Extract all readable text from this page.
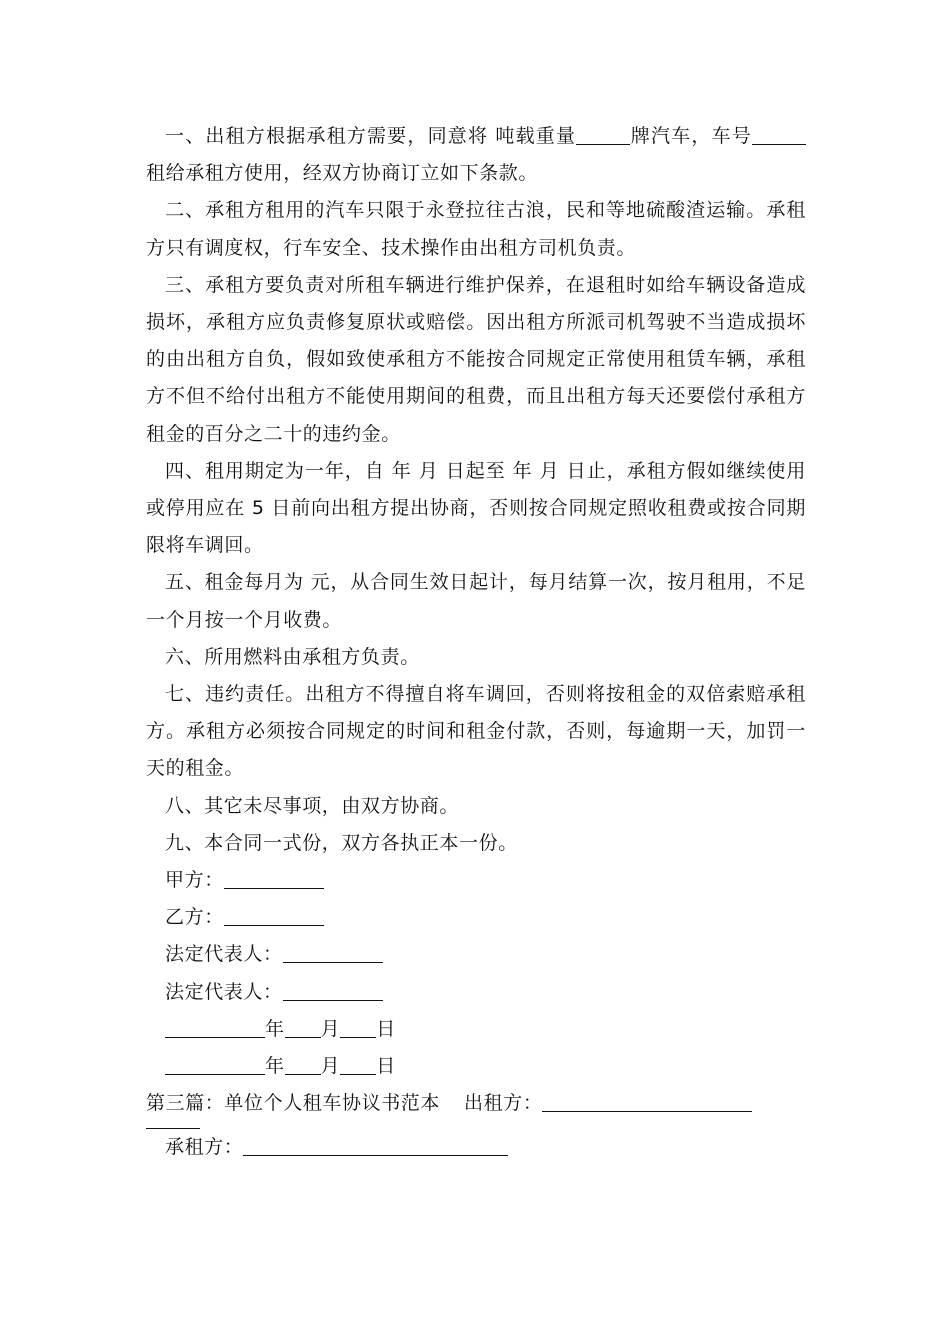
一、出租方根据承租方需要，同意将 吨载重量	牌汽车，车号租给承租方使用，经双方协商订立如下条款。

二、承租方租用的汽车只限于永登拉往古浪，民和等地硫酸渣运输。承租方只有调度权，行车安全、技术操作由出租方司机负责。

三、承租方要负责对所租车辆进行维护保养，在退租时如给车辆设备造成损坏，承租方应负责修复原状或赔偿。因出租方所派司机驾驶不当造成损坏的由出租方自负，假如致使承租方不能按合同规定正常使用租赁车辆，承租方不但不给付出租方不能使用期间的租费，而且出租方每天还要偿付承租方租金的百分之二十的违约金。

四、租用期定为一年，自 年 月 日起至 年 月 日止，承租方假如继续使用或停用应在 5 日前向出租方提出协商，否则按合同规定照收租费或按合同期限将车调回。

五、租金每月为 元，从合同生效日起计，每月结算一次，按月租用，不足一个月按一个月收费。

六、所用燃料由承租方负责。

七、违约责任。出租方不得擅自将车调回，否则将按租金的双倍索赔承租方。承租方必须按合同规定的时间和租金付款，否则，每逾期一天，加罚一天的租金。

八、其它未尽事项，由双方协商。

九、本合同一式份，双方各执正本一份。

甲方：

乙方：

法定代表人：

法定代表人：

年 月 日

年 月 日

第三篇：单位个人租车协议书范本 出租方：

承租方：
